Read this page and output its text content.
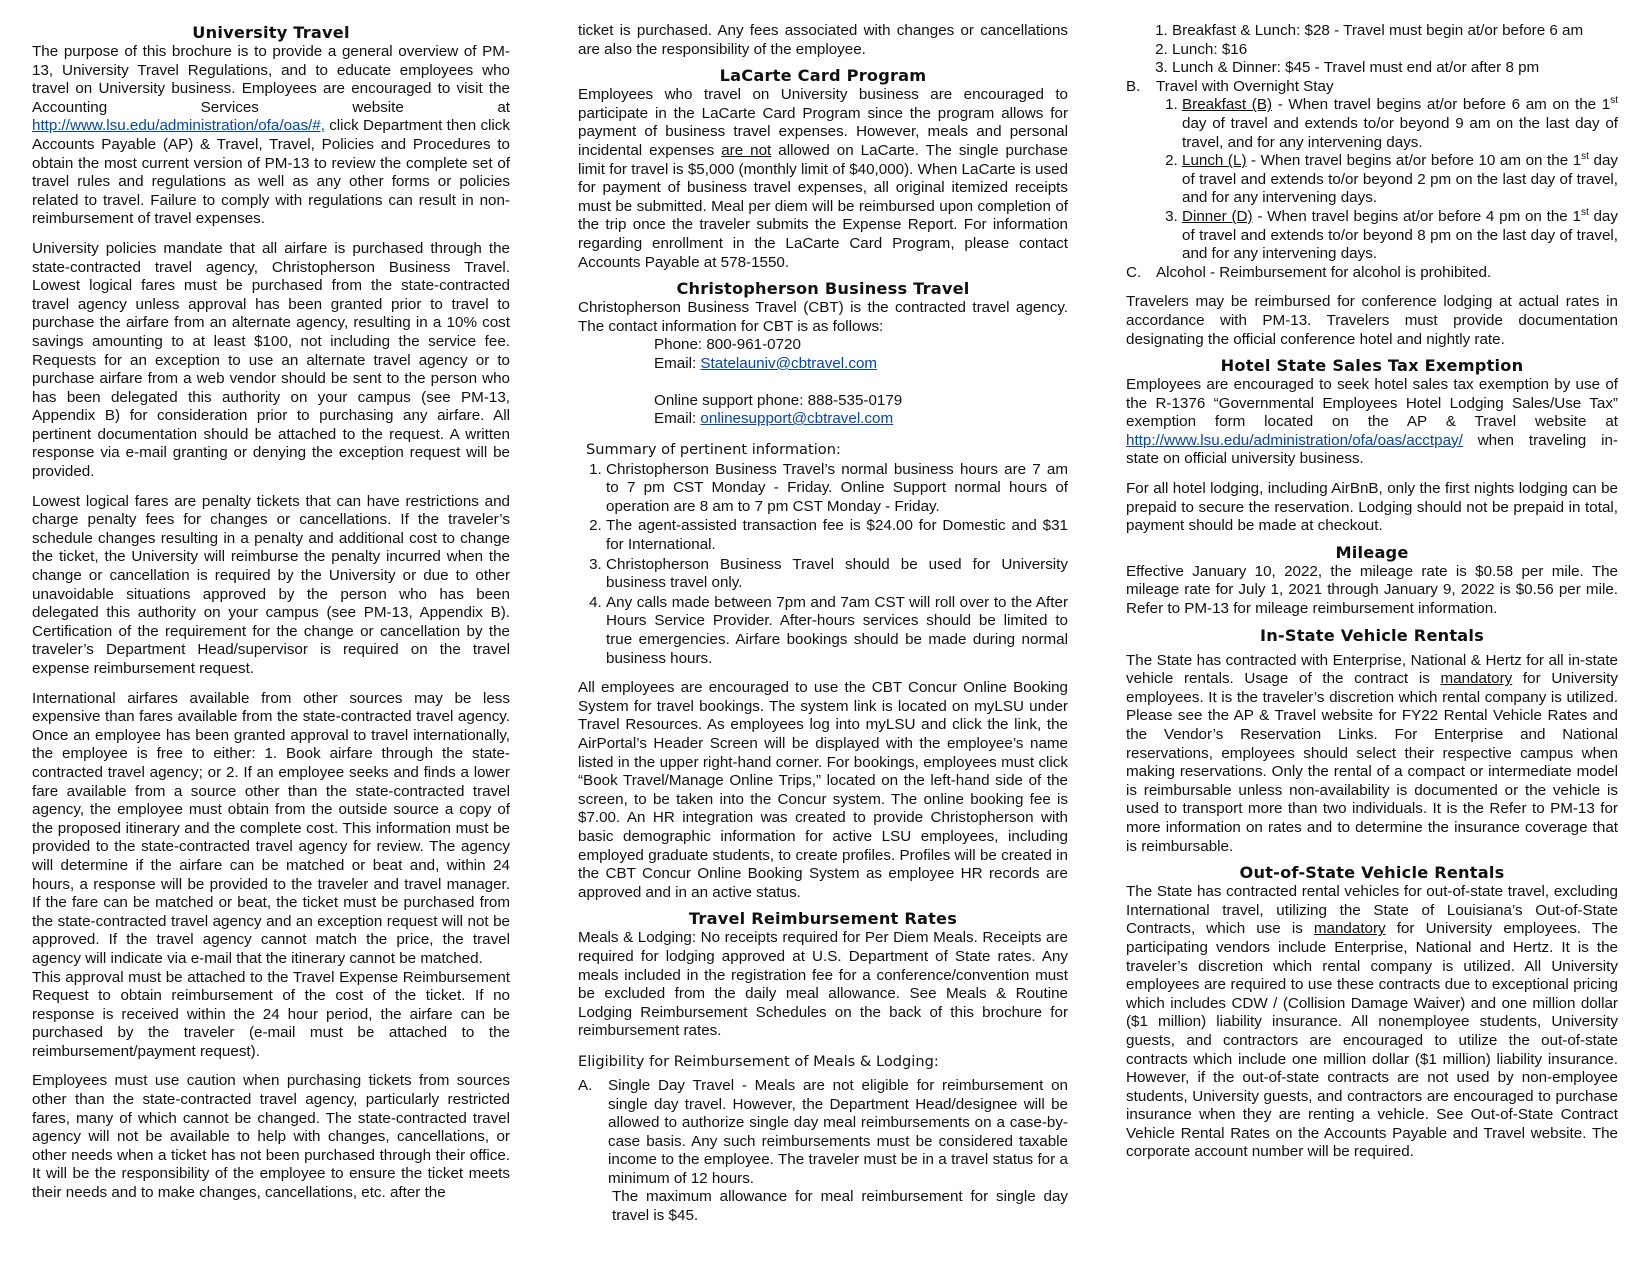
University Travel

The purpose of this brochure is to provide a general overview of PM-13, University Travel Regulations, and to educate employees who travel on University business. Employees are encouraged to visit the Accounting Services website at http://www.lsu.edu/administration/ofa/oas/#, click Department then click Accounts Payable (AP) & Travel, Travel, Policies and Procedures to obtain the most current version of PM-13 to review the complete set of travel rules and regulations as well as any other forms or policies related to travel. Failure to comply with regulations can result in non-reimbursement of travel expenses.

University policies mandate that all airfare is purchased through the state-contracted travel agency, Christopherson Business Travel. Lowest logical fares must be purchased from the state-contracted travel agency unless approval has been granted prior to travel to purchase the airfare from an alternate agency, resulting in a 10% cost savings amounting to at least $100, not including the service fee. Requests for an exception to use an alternate travel agency or to purchase airfare from a web vendor should be sent to the person who has been delegated this authority on your campus (see PM-13, Appendix B) for consideration prior to purchasing any airfare. All pertinent documentation should be attached to the request. A written response via e-mail granting or denying the exception request will be provided.

Lowest logical fares are penalty tickets that can have restrictions and charge penalty fees for changes or cancellations. If the traveler’s schedule changes resulting in a penalty and additional cost to change the ticket, the University will reimburse the penalty incurred when the change or cancellation is required by the University or due to other unavoidable situations approved by the person who has been delegated this authority on your campus (see PM-13, Appendix B). Certification of the requirement for the change or cancellation by the traveler’s Department Head/supervisor is required on the travel expense reimbursement request.

International airfares available from other sources may be less expensive than fares available from the state-contracted travel agency. Once an employee has been granted approval to travel internationally, the employee is free to either: 1. Book airfare through the state-contracted travel agency; or 2. If an employee seeks and finds a lower fare available from a source other than the state-contracted travel agency, the employee must obtain from the outside source a copy of the proposed itinerary and the complete cost. This information must be provided to the state-contracted travel agency for review. The agency will determine if the airfare can be matched or beat and, within 24 hours, a response will be provided to the traveler and travel manager. If the fare can be matched or beat, the ticket must be purchased from the state-contracted travel agency and an exception request will not be approved. If the travel agency cannot match the price, the travel agency will indicate via e-mail that the itinerary cannot be matched.

This approval must be attached to the Travel Expense Reimbursement Request to obtain reimbursement of the cost of the ticket. If no response is received within the 24 hour period, the airfare can be purchased by the traveler (e-mail must be attached to the reimbursement/payment request).

Employees must use caution when purchasing tickets from sources other than the state-contracted travel agency, particularly restricted fares, many of which cannot be changed. The state-contracted travel agency will not be available to help with changes, cancellations, or other needs when a ticket has not been purchased through their office. It will be the responsibility of the employee to ensure the ticket meets their needs and to make changes, cancellations, etc. after the

ticket is purchased. Any fees associated with changes or cancellations are also the responsibility of the employee.

LaCarte Card Program

Employees who travel on University business are encouraged to participate in the LaCarte Card Program since the program allows for payment of business travel expenses. However, meals and personal incidental expenses are not allowed on LaCarte. The single purchase limit for travel is $5,000 (monthly limit of $40,000). When LaCarte is used for payment of business travel expenses, all original itemized receipts must be submitted. Meal per diem will be reimbursed upon completion of the trip once the traveler submits the Expense Report. For information regarding enrollment in the LaCarte Card Program, please contact Accounts Payable at 578-1550.

Christopherson Business Travel

Christopherson Business Travel (CBT) is the contracted travel agency. The contact information for CBT is as follows:

Phone: 800-961-0720
Email: Statelauniv@cbtravel.com
Online support phone: 888-535-0179
Email: onlinesupport@cbtravel.com
Summary of pertinent information:
1. Christopherson Business Travel’s normal business hours are 7 am to 7 pm CST Monday - Friday. Online Support normal hours of operation are 8 am to 7 pm CST Monday - Friday.
2. The agent-assisted transaction fee is $24.00 for Domestic and $31 for International.
3. Christopherson Business Travel should be used for University business travel only.
4. Any calls made between 7pm and 7am CST will roll over to the After Hours Service Provider. After-hours services should be limited to true emergencies. Airfare bookings should be made during normal business hours.

All employees are encouraged to use the CBT Concur Online Booking System for travel bookings. The system link is located on myLSU under Travel Resources. As employees log into myLSU and click the link, the AirPortal’s Header Screen will be displayed with the employee’s name listed in the upper right-hand corner. For bookings, employees must click “Book Travel/Manage Online Trips,” located on the left-hand side of the screen, to be taken into the Concur system. The online booking fee is $7.00. An HR integration was created to provide Christopherson with basic demographic information for active LSU employees, including employed graduate students, to create profiles. Profiles will be created in the CBT Concur Online Booking System as employee HR records are approved and in an active status.

Travel Reimbursement Rates

Meals & Lodging: No receipts required for Per Diem Meals. Receipts are required for lodging approved at U.S. Department of State rates. Any meals included in the registration fee for a conference/convention must be excluded from the daily meal allowance. See Meals & Routine Lodging Reimbursement Schedules on the back of this brochure for reimbursement rates.

Eligibility for Reimbursement of Meals & Lodging:
A.	Single Day Travel - Meals are not eligible for reimbursement on single day travel. However, the Department Head/designee will be allowed to authorize single day meal reimbursements on a case-by-case basis. Any such reimbursements must be considered taxable income to the employee. The traveler must be in a travel status for a minimum of 12 hours.

The maximum allowance for meal reimbursement for single day travel is $45.

1. Breakfast & Lunch: $28 - Travel must begin at/or before 6 am
2. Lunch: $16
3. Lunch & Dinner: $45 - Travel must end at/or after 8 pm
B.	Travel with Overnight Stay
1. Breakfast (B) - When travel begins at/or before 6 am on the 1st day of travel and extends to/or beyond 9 am on the last day of travel, and for any intervening days.
2. Lunch (L) - When travel begins at/or before 10 am on the 1st day of travel and extends to/or beyond 2 pm on the last day of travel, and for any intervening days.
3. Dinner (D) - When travel begins at/or before 4 pm on the 1st day of travel and extends to/or beyond 8 pm on the last day of travel, and for any intervening days.
C. Alcohol - Reimbursement for alcohol is prohibited.

Travelers may be reimbursed for conference lodging at actual rates in accordance with PM-13. Travelers must provide documentation designating the official conference hotel and nightly rate.

Hotel State Sales Tax Exemption

Employees are encouraged to seek hotel sales tax exemption by use of the R-1376 “Governmental Employees Hotel Lodging Sales/Use Tax” exemption form located on the AP & Travel website at http://www.lsu.edu/administration/ofa/oas/acctpay/ when traveling in-state on official university business.

For all hotel lodging, including AirBnB, only the first nights lodging can be prepaid to secure the reservation. Lodging should not be prepaid in total, payment should be made at checkout.

Mileage

Effective January 10, 2022, the mileage rate is $0.58 per mile. The mileage rate for July 1, 2021 through January 9, 2022 is $0.56 per mile. Refer to PM-13 for mileage reimbursement information.

In-State Vehicle Rentals

The State has contracted with Enterprise, National & Hertz for all in-state vehicle rentals. Usage of the contract is mandatory for University employees. It is the traveler’s discretion which rental company is utilized. Please see the AP & Travel website for FY22 Rental Vehicle Rates and the Vendor’s Reservation Links. For Enterprise and National reservations, employees should select their respective campus when making reservations. Only the rental of a compact or intermediate model is reimbursable unless non-availability is documented or the vehicle is used to transport more than two individuals. It is the Refer to PM-13 for more information on rates and to determine the insurance coverage that is reimbursable.

Out-of-State Vehicle Rentals

The State has contracted rental vehicles for out-of-state travel, excluding International travel, utilizing the State of Louisiana’s Out-of-State Contracts, which use is mandatory for University employees. The participating vendors include Enterprise, National and Hertz. It is the traveler’s discretion which rental company is utilized. All University employees are required to use these contracts due to exceptional pricing which includes CDW / (Collision Damage Waiver) and one million dollar ($1 million) liability insurance. All nonemployee students, University guests, and contractors are encouraged to utilize the out-of-state contracts which include one million dollar ($1 million) liability insurance. However, if the out-of-state contracts are not used by non-employee students, University guests, and contractors are encouraged to purchase insurance when they are renting a vehicle. See Out-of-State Contract Vehicle Rental Rates on the Accounts Payable and Travel website. The corporate account number will be required.
